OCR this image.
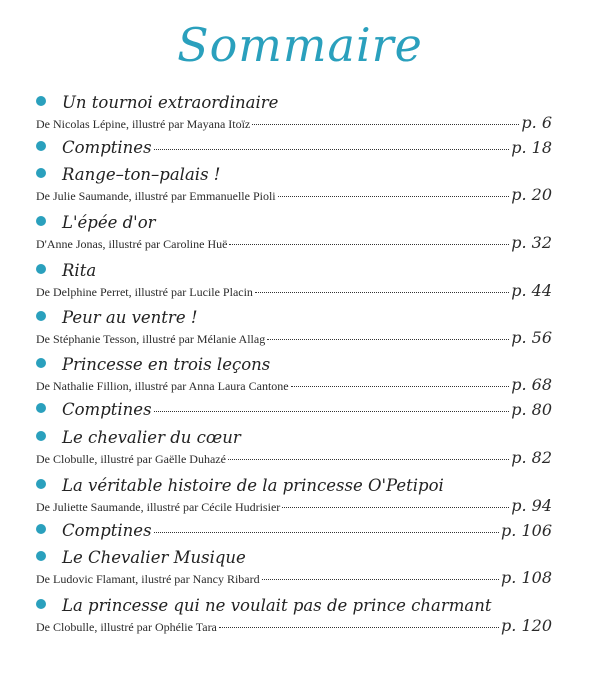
Sommaire
Un tournoi extraordinaire
De Nicolas Lépine, illustré par Mayana Itoïz	p. 6
Comptines	p. 18
Range–ton–palais !
De Julie Saumande, illustré par Emmanuelle Pioli	p. 20
L'épée d'or
D'Anne Jonas, illustré par Caroline Huë	p. 32
Rita
De Delphine Perret, illustré par Lucile Placin	p. 44
Peur au ventre !
De Stéphanie Tesson, illustré par Mélanie Allag	p. 56
Princesse en trois leçons
De Nathalie Fillion, illustré par Anna Laura Cantone	p. 68
Comptines	p. 80
Le chevalier du cœur
De Clobulle, illustré par Gaëlle Duhazé	p. 82
La véritable histoire de la princesse O'Petipoi
De Juliette Saumande, illustré par Cécile Hudrisier	p. 94
Comptines	p. 106
Le Chevalier Musique
De Ludovic Flamant, ilustré par Nancy Ribard	p. 108
La princesse qui ne voulait pas de prince charmant
De Clobulle, illustré par Ophélie Tara	p. 120
